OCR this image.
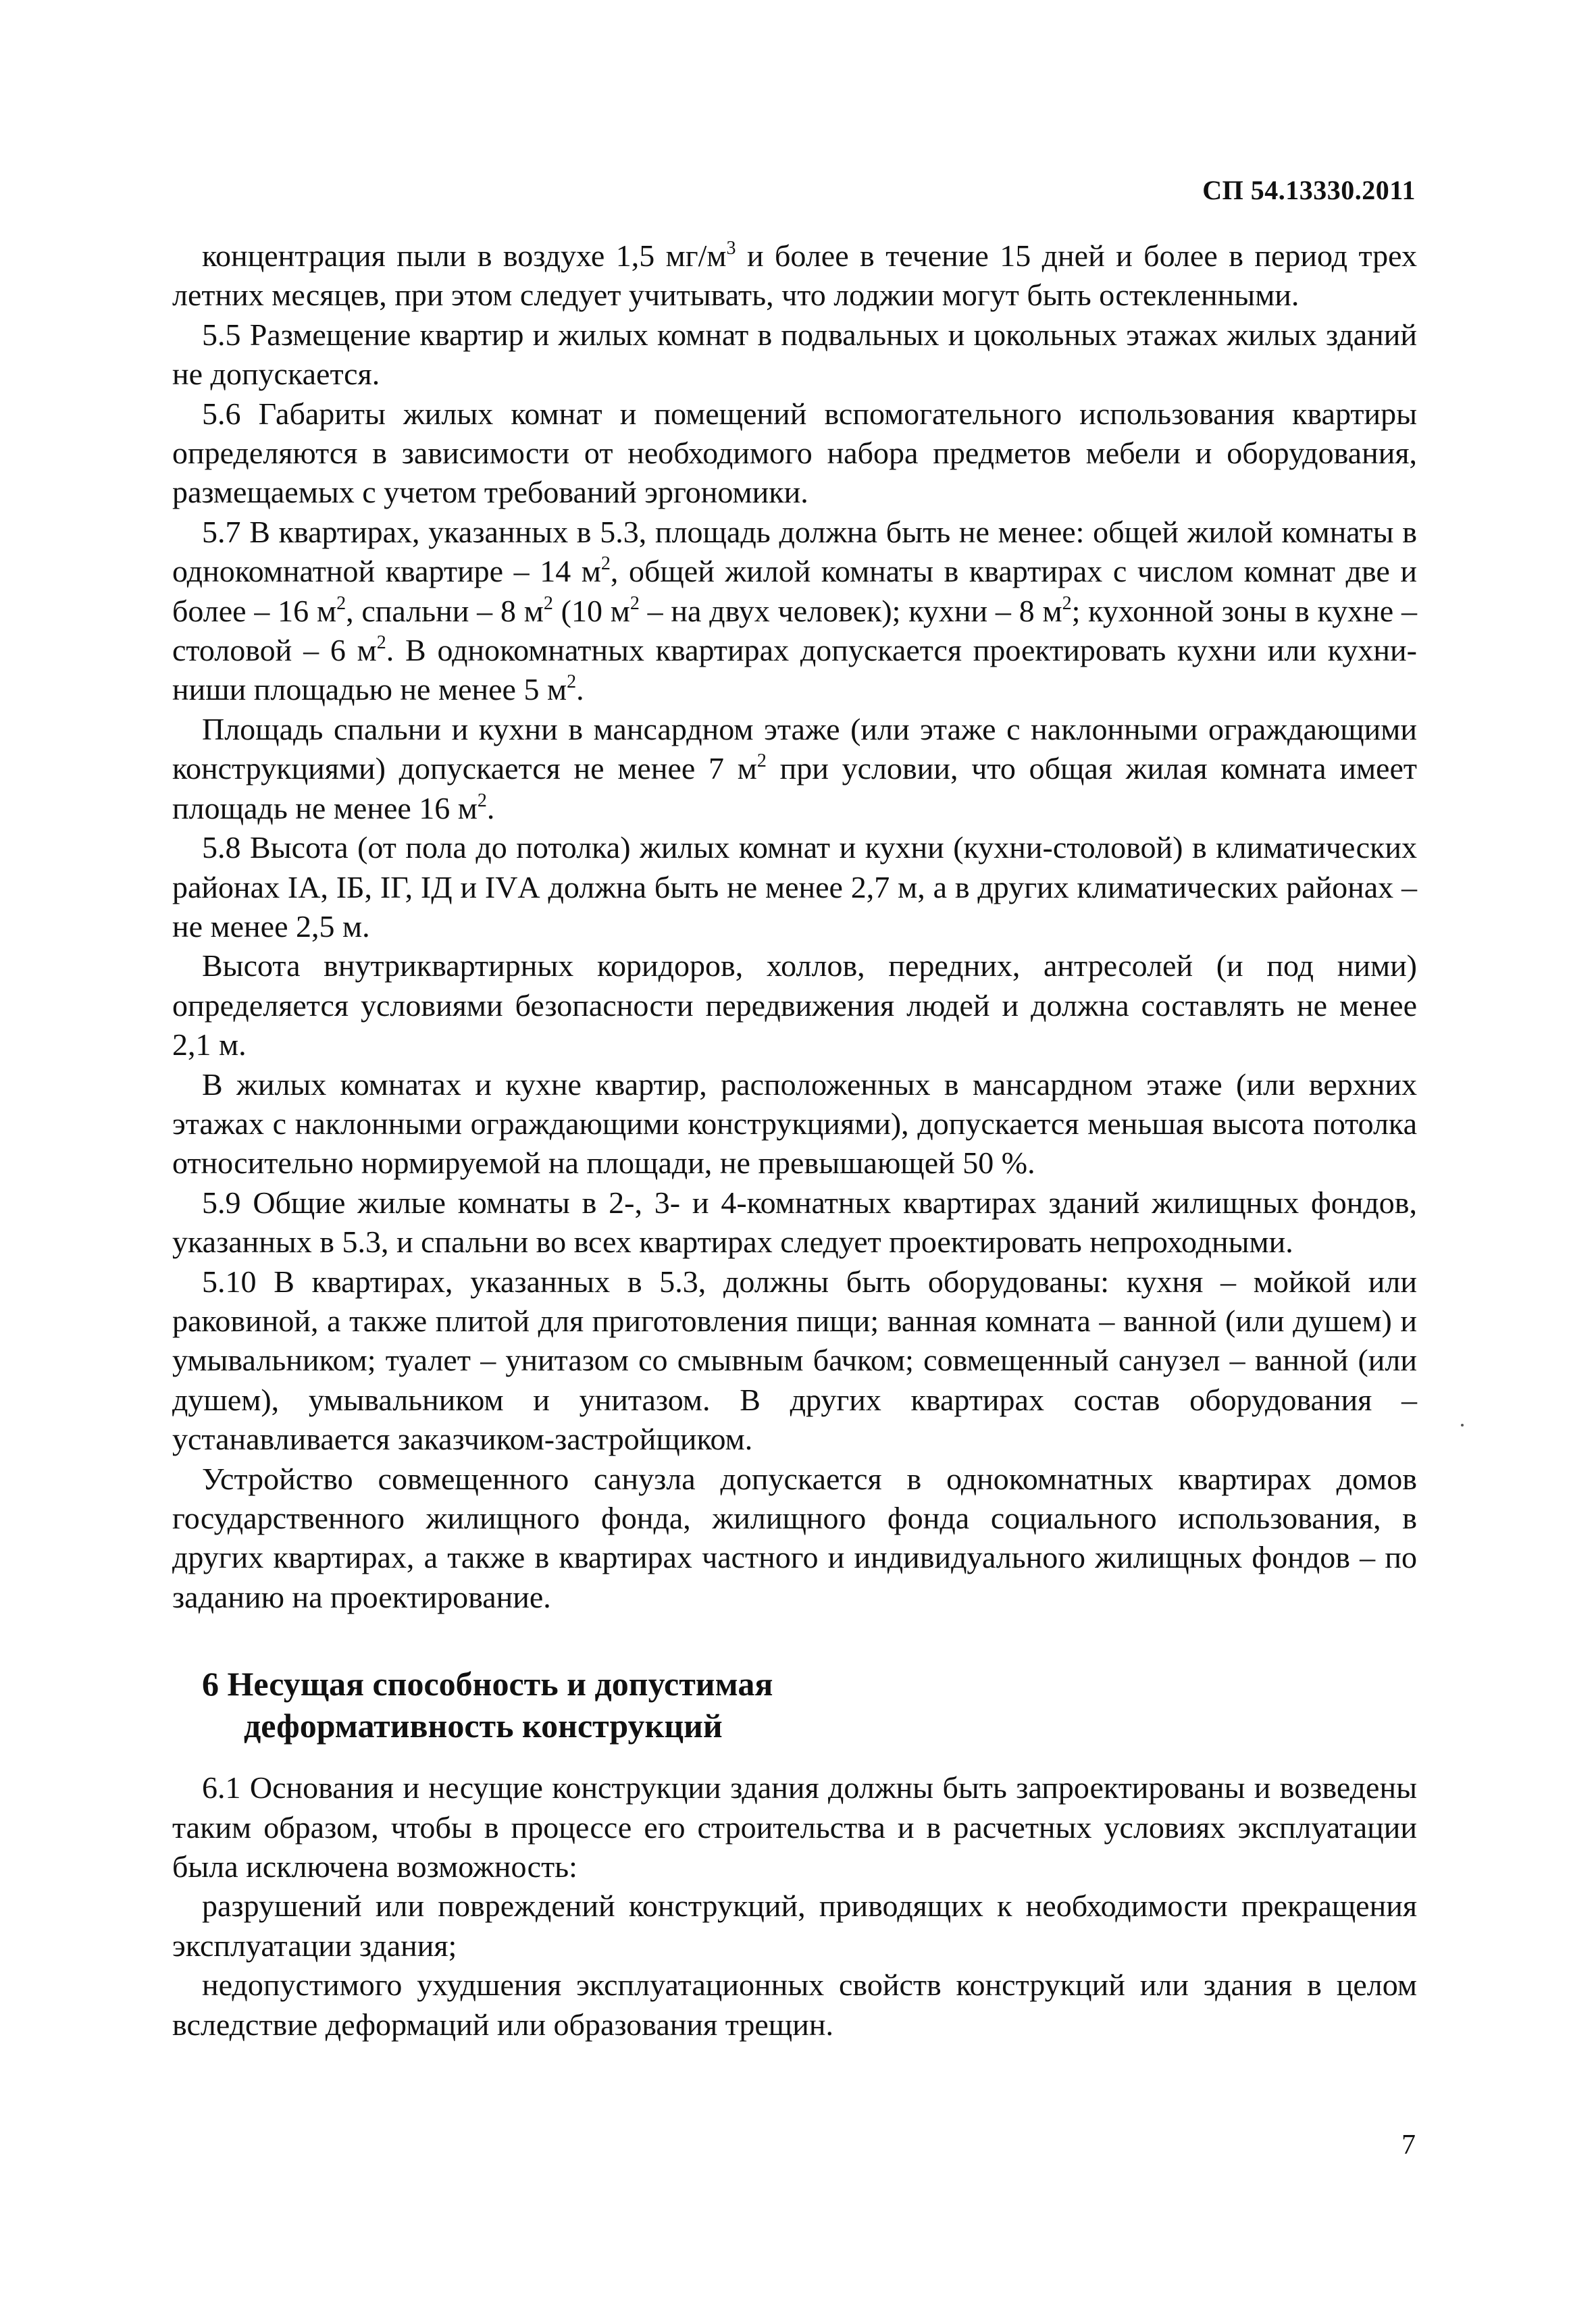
СП 54.13330.2011

концентрация пыли в воздухе 1,5 $мг/м^3$ и более в течение 15 дней и более в период трех летних месяцев, при этом следует учитывать, что лоджии могут быть остекленными.

5.5 Размещение квартир и жилых комнат в подвальных и цокольных этажах жилых зданий не допускается.

5.6 Габариты жилых комнат и помещений вспомогательного использования квартиры определяются в зависимости от необходимого набора предметов мебели и оборудования, размещаемых с учетом требований эргономики.

5.7 В квартирах, указанных в 5.3, площадь должна быть не менее: общей жилой комнаты в однокомнатной квартире – 14 $м^2$, общей жилой комнаты в квартирах с числом комнат две и более – 16 $м^2$, спальни – 8 $м^2$ (10 $м^2$ – на двух человек); кухни – 8 $м^2$; кухонной зоны в кухне – столовой – 6 $м^2$. В однокомнатных квартирах допускается проектировать кухни или кухни-ниши площадью не менее 5 $м^2$.

Площадь спальни и кухни в мансардном этаже (или этаже с наклонными ограждающими конструкциями) допускается не менее 7 $м^2$ при условии, что общая жилая комната имеет площадь не менее 16 $м^2$.

5.8 Высота (от пола до потолка) жилых комнат и кухни (кухни-столовой) в климатических районах IА, IБ, IГ, IД и IVА должна быть не менее 2,7 м, а в других климатических районах – не менее 2,5 м.

Высота внутриквартирных коридоров, холлов, передних, антресолей (и под ними) определяется условиями безопасности передвижения людей и должна составлять не менее 2,1 м.

В жилых комнатах и кухне квартир, расположенных в мансардном этаже (или верхних этажах с наклонными ограждающими конструкциями), допускается меньшая высота потолка относительно нормируемой на площади, не превышающей 50 %.

5.9 Общие жилые комнаты в 2-, 3- и 4-комнатных квартирах зданий жилищных фондов, указанных в 5.3, и спальни во всех квартирах следует проектировать непроходными.

5.10 В квартирах, указанных в 5.3, должны быть оборудованы: кухня – мойкой или раковиной, а также плитой для приготовления пищи; ванная комната – ванной (или душем) и умывальником; туалет – унитазом со смывным бачком; совмещенный санузел – ванной (или душем), умывальником и унитазом. В других квартирах состав оборудования – устанавливается заказчиком-застройщиком.

Устройство совмещенного санузла допускается в однокомнатных квартирах домов государственного жилищного фонда, жилищного фонда социального использования, в других квартирах, а также в квартирах частного и индивидуального жилищных фондов – по заданию на проектирование.

6 Несущая способность и допустимая
деформативность конструкций

6.1 Основания и несущие конструкции здания должны быть запроектированы и возведены таким образом, чтобы в процессе его строительства и в расчетных условиях эксплуатации была исключена возможность:

разрушений или повреждений конструкций, приводящих к необходимости прекращения эксплуатации здания;

недопустимого ухудшения эксплуатационных свойств конструкций или здания в целом вследствие деформаций или образования трещин.

7
